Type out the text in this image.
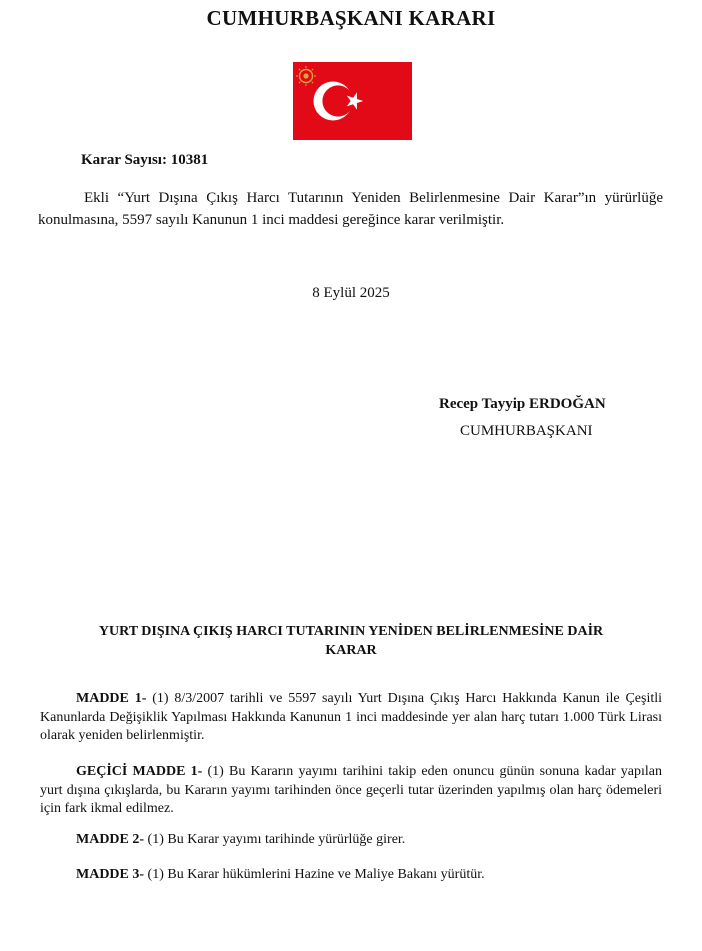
CUMHURBAŞKANI KARARI
Karar Sayısı: 10381

Ekli “Yurt Dışına Çıkış Harcı Tutarının Yeniden Belirlenmesine Dair Karar”ın yürürlüğe konulmasına, 5597 sayılı Kanunun 1 inci maddesi gereğince karar verilmiştir.

8 Eylül 2025
Recep Tayyip ERDOĞAN
CUMHURBAŞKANI
YURT DIŞINA ÇIKIŞ HARCI TUTARININ YENİDEN BELİRLENMESİNE DAİR KARAR

MADDE 1- (1) 8/3/2007 tarihli ve 5597 sayılı Yurt Dışına Çıkış Harcı Hakkında Kanun ile Çeşitli Kanunlarda Değişiklik Yapılması Hakkında Kanunun 1 inci maddesinde yer alan harç tutarı 1.000 Türk Lirası olarak yeniden belirlenmiştir.

GEÇİCİ MADDE 1- (1) Bu Kararın yayımı tarihini takip eden onuncu günün sonuna kadar yapılan yurt dışına çıkışlarda, bu Kararın yayımı tarihinden önce geçerli tutar üzerinden yapılmış olan harç ödemeleri için fark ikmal edilmez.

MADDE 2- (1) Bu Karar yayımı tarihinde yürürlüğe girer.

MADDE 3- (1) Bu Karar hükümlerini Hazine ve Maliye Bakanı yürütür.
